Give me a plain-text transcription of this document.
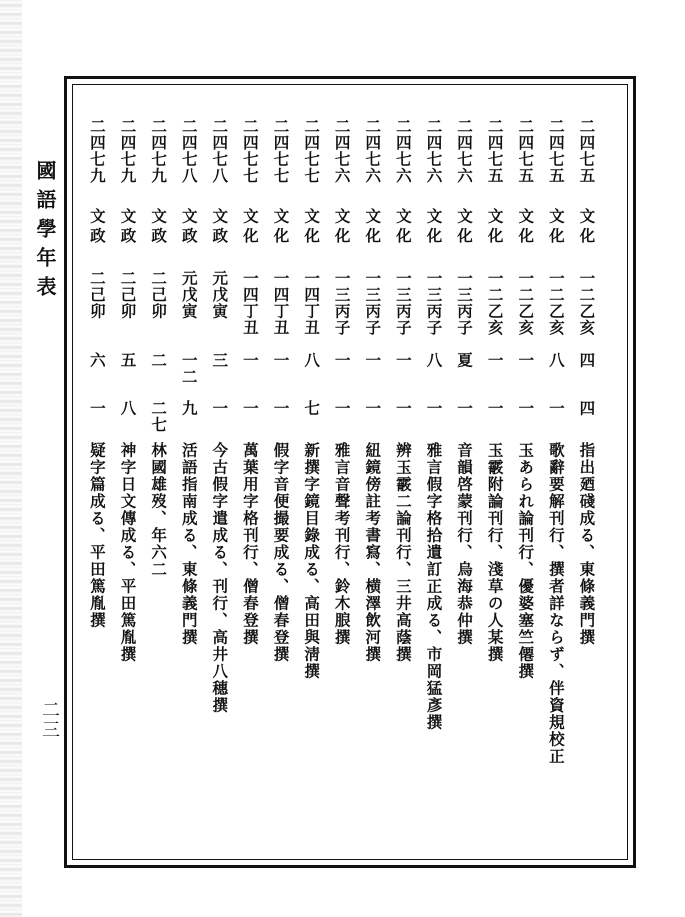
國語學年表
二三
二四七五
文化
一二乙亥
四
四
指出廼碊成る、東條義門撰
二四七五
文化
一二乙亥
八
一
歌辭要解刊行、撰者詳ならず、伴資規校正
二四七五
文化
一二乙亥
一
一
玉あられ論刊行、優婆塞竺僊撰
二四七五
文化
一二乙亥
一
一
玉霰附論刊行、淺草の人某撰
二四七六
文化
一三丙子
夏
一
音韻啓蒙刊行、烏海恭仲撰
二四七六
文化
一三丙子
八
一
雅言假字格拾遺訂正成る、市岡猛彥撰
二四七六
文化
一三丙子
一
一
辨玉霰二論刊行、三井高蔭撰
二四七六
文化
一三丙子
一
一
紐鏡傍註考書寫、横澤飲河撰
二四七六
文化
一三丙子
一
一
雅言音聲考刊行、鈴木朖撰
二四七七
文化
一四丁丑
八
七
新撰字鏡目錄成る、高田與淸撰
二四七七
文化
一四丁丑
一
一
假字音便撮要成る、僧春登撰
二四七七
文化
一四丁丑
一
一
萬葉用字格刊行、僧春登撰
二四七八
文政
元戊寅
三
一
今古假字遣成る、刊行、高井八穗撰
二四七八
文政
元戊寅
一二
九
活語指南成る、東條義門撰
二四七九
文政
二己卯
二
二七
林國雄歿、年六二
二四七九
文政
二己卯
五
八
神字日文傳成る、平田篤胤撰
二四七九
文政
二己卯
六
一
疑字篇成る、平田篤胤撰
